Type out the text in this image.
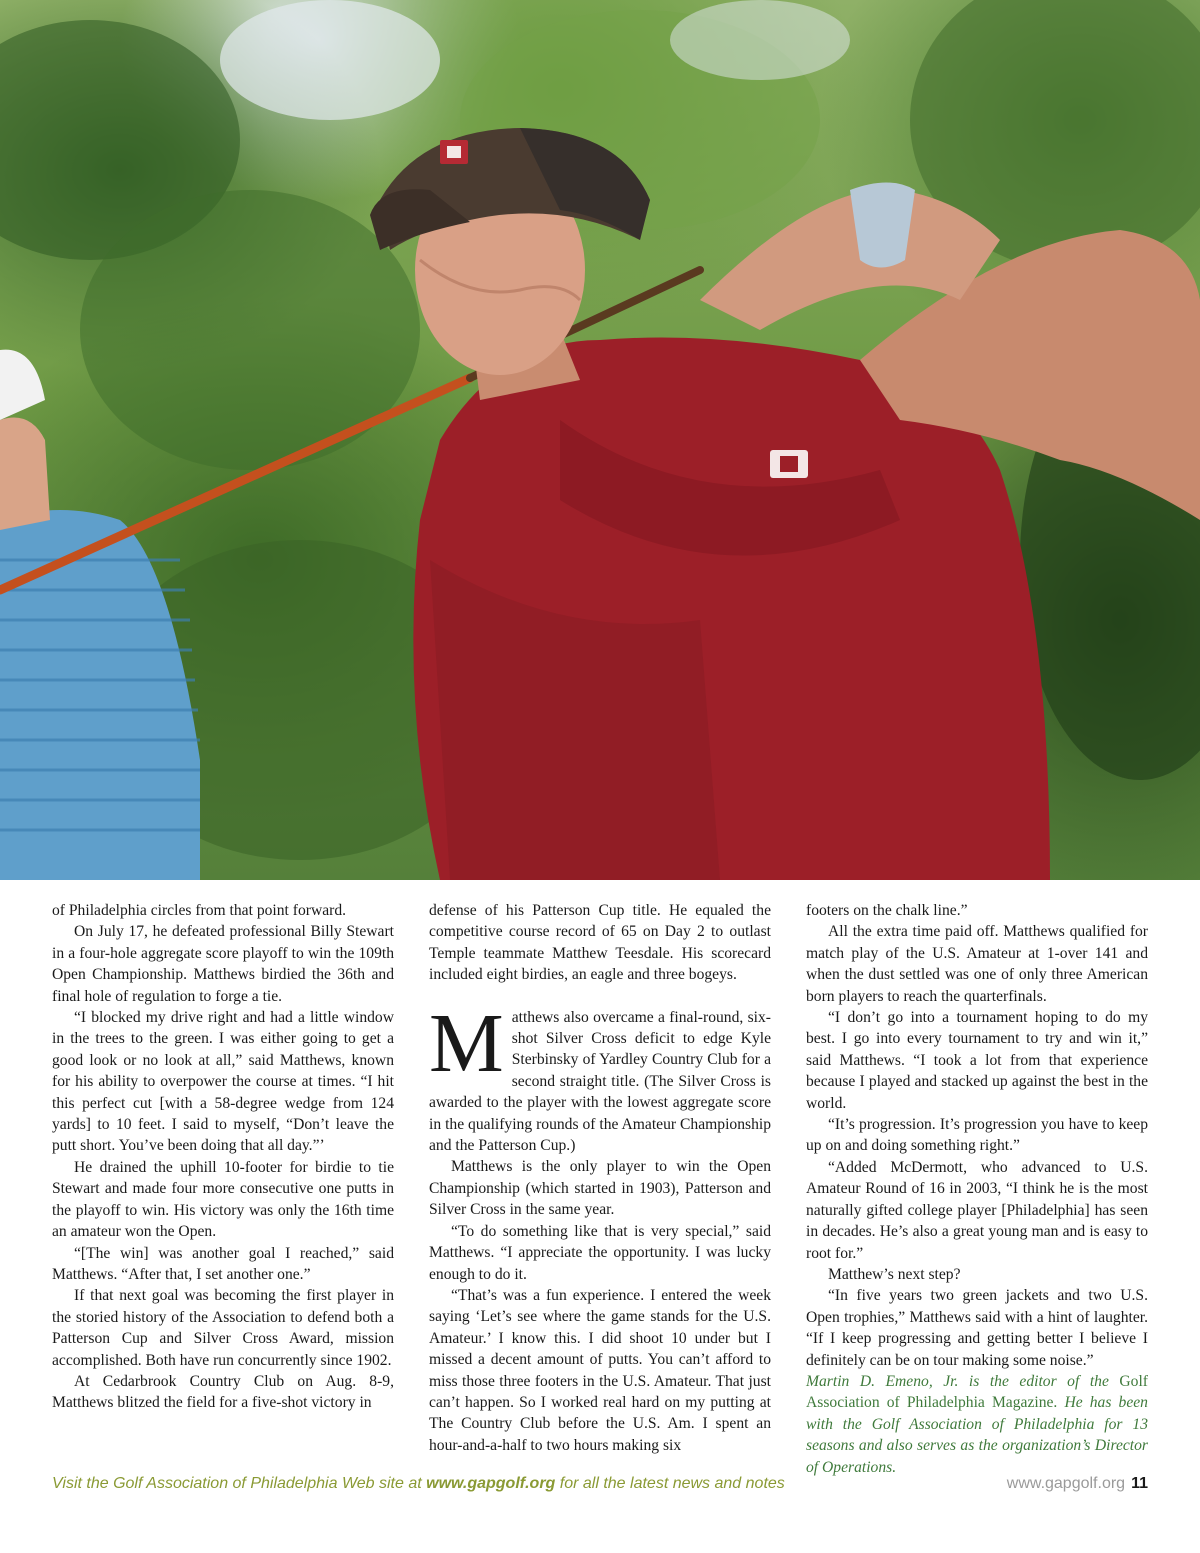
of Philadelphia circles from that point forward.

On July 17, he defeated professional Billy Stewart in a four-hole aggregate score playoff to win the 109th Open Championship. Matthews birdied the 36th and final hole of regulation to forge a tie.

“I blocked my drive right and had a little window in the trees to the green. I was either going to get a good look or no look at all,” said Matthews, known for his ability to overpower the course at times. “I hit this perfect cut [with a 58-degree wedge from 124 yards] to 10 feet. I said to myself, “Don’t leave the putt short. You’ve been doing that all day.”’

He drained the uphill 10-footer for birdie to tie Stewart and made four more consecutive one putts in the playoff to win. His victory was only the 16th time an amateur won the Open.

“[The win] was another goal I reached,” said Matthews. “After that, I set another one.”

If that next goal was becoming the first player in the storied history of the Association to defend both a Patterson Cup and Silver Cross Award, mission accomplished. Both have run concurrently since 1902.

At Cedarbrook Country Club on Aug. 8-9, Matthews blitzed the field for a five-shot victory in

defense of his Patterson Cup title. He equaled the competitive course record of 65 on Day 2 to outlast Temple teammate Matthew Teesdale. His scorecard included eight birdies, an eagle and three bogeys.

Matthews also overcame a final-round, six-shot Silver Cross deficit to edge Kyle Sterbinsky of Yardley Country Club for a second straight title. (The Silver Cross is awarded to the player with the lowest aggregate score in the qualifying rounds of the Amateur Championship and the Patterson Cup.)

Matthews is the only player to win the Open Championship (which started in 1903), Patterson and Silver Cross in the same year.

“To do something like that is very special,” said Matthews. “I appreciate the opportunity. I was lucky enough to do it.

“That’s was a fun experience. I entered the week saying ‘Let’s see where the game stands for the U.S. Amateur.’ I know this. I did shoot 10 under but I missed a decent amount of putts. You can’t afford to miss those three footers in the U.S. Amateur. That just can’t happen. So I worked real hard on my putting at The Country Club before the U.S. Am. I spent an hour-and-a-half to two hours making six

footers on the chalk line.”

All the extra time paid off. Matthews qualified for match play of the U.S. Amateur at 1-over 141 and when the dust settled was one of only three American born players to reach the quarterfinals.

“I don’t go into a tournament hoping to do my best. I go into every tournament to try and win it,” said Matthews. “I took a lot from that experience because I played and stacked up against the best in the world.

“It’s progression. It’s progression you have to keep up on and doing something right.”

“Added McDermott, who advanced to U.S. Amateur Round of 16 in 2003, “I think he is the most naturally gifted college player [Philadelphia] has seen in decades. He’s also a great young man and is easy to root for.”

Matthew’s next step?

“In five years two green jackets and two U.S. Open trophies,” Matthews said with a hint of laughter. “If I keep progressing and getting better I believe I definitely can be on tour making some noise.”

Martin D. Emeno, Jr. is the editor of the Golf Association of Philadelphia Magazine. He has been with the Golf Association of Philadelphia for 13 seasons and also serves as the organization’s Director of Operations.

Visit the Golf Association of Philadelphia Web site at www.gapgolf.org for all the latest news and notes	www.gapgolf.org 11
